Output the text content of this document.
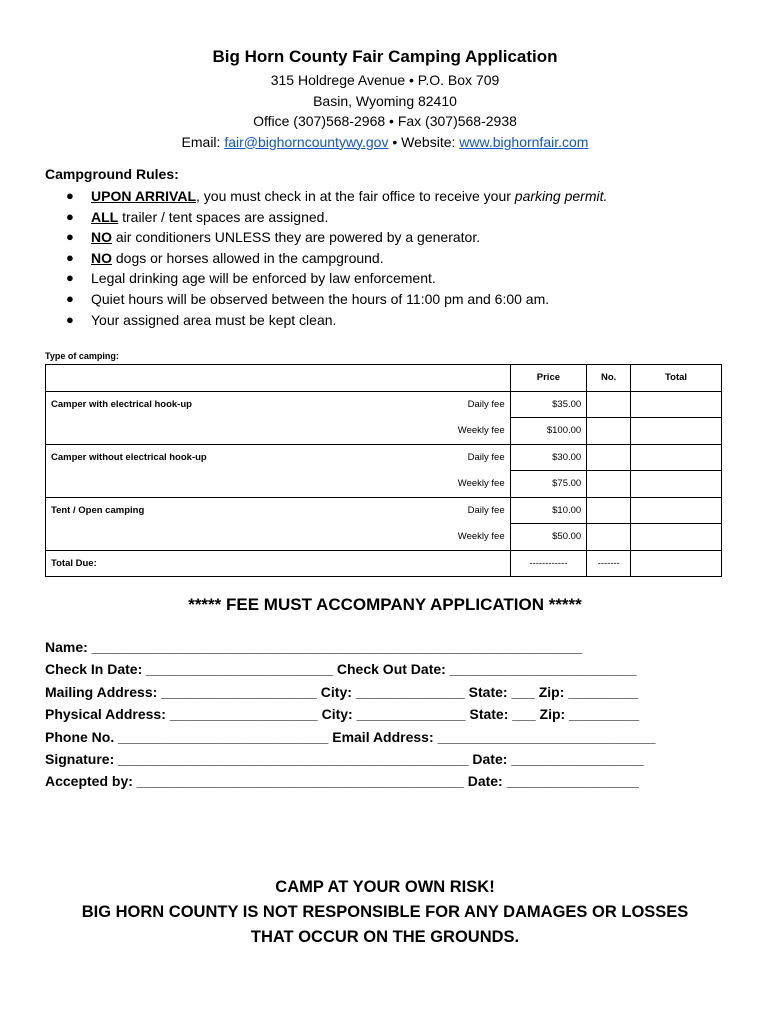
Big Horn County Fair Camping Application
315 Holdrege Avenue • P.O. Box 709
Basin, Wyoming 82410
Office (307)568-2968 • Fax (307)568-2938
Email: fair@bighorncountywy.gov • Website: www.bighornfair.com
Campground Rules:
● UPON ARRIVAL, you must check in at the fair office to receive your parking permit.
● ALL trailer / tent spaces are assigned.
● NO air conditioners UNLESS they are powered by a generator.
● NO dogs or horses allowed in the campground.
● Legal drinking age will be enforced by law enforcement.
● Quiet hours will be observed between the hours of 11:00 pm and 6:00 am.
● Your assigned area must be kept clean.
Type of camping:
	Price	No.	Total
Camper with electrical hook-up Daily fee	$35.00		
Weekly fee	$100.00		
Camper without electrical hook-up Daily fee	$30.00		
Weekly fee	$75.00		
Tent / Open camping Daily fee	$10.00		
Weekly fee	$50.00		
Total Due:	------------	-------	
***** FEE MUST ACCOMPANY APPLICATION *****
Name: _______________________________________________________________
Check In Date: ________________________ Check Out Date: ________________________
Mailing Address: ____________________ City: ______________ State: ___ Zip: _________
Physical Address: ___________________ City: ______________ State: ___ Zip: _________
Phone No. ___________________________ Email Address: ____________________________
Signature: _____________________________________________ Date: _________________
Accepted by: __________________________________________ Date: _________________
CAMP AT YOUR OWN RISK!
BIG HORN COUNTY IS NOT RESPONSIBLE FOR ANY DAMAGES OR LOSSES
THAT OCCUR ON THE GROUNDS.
